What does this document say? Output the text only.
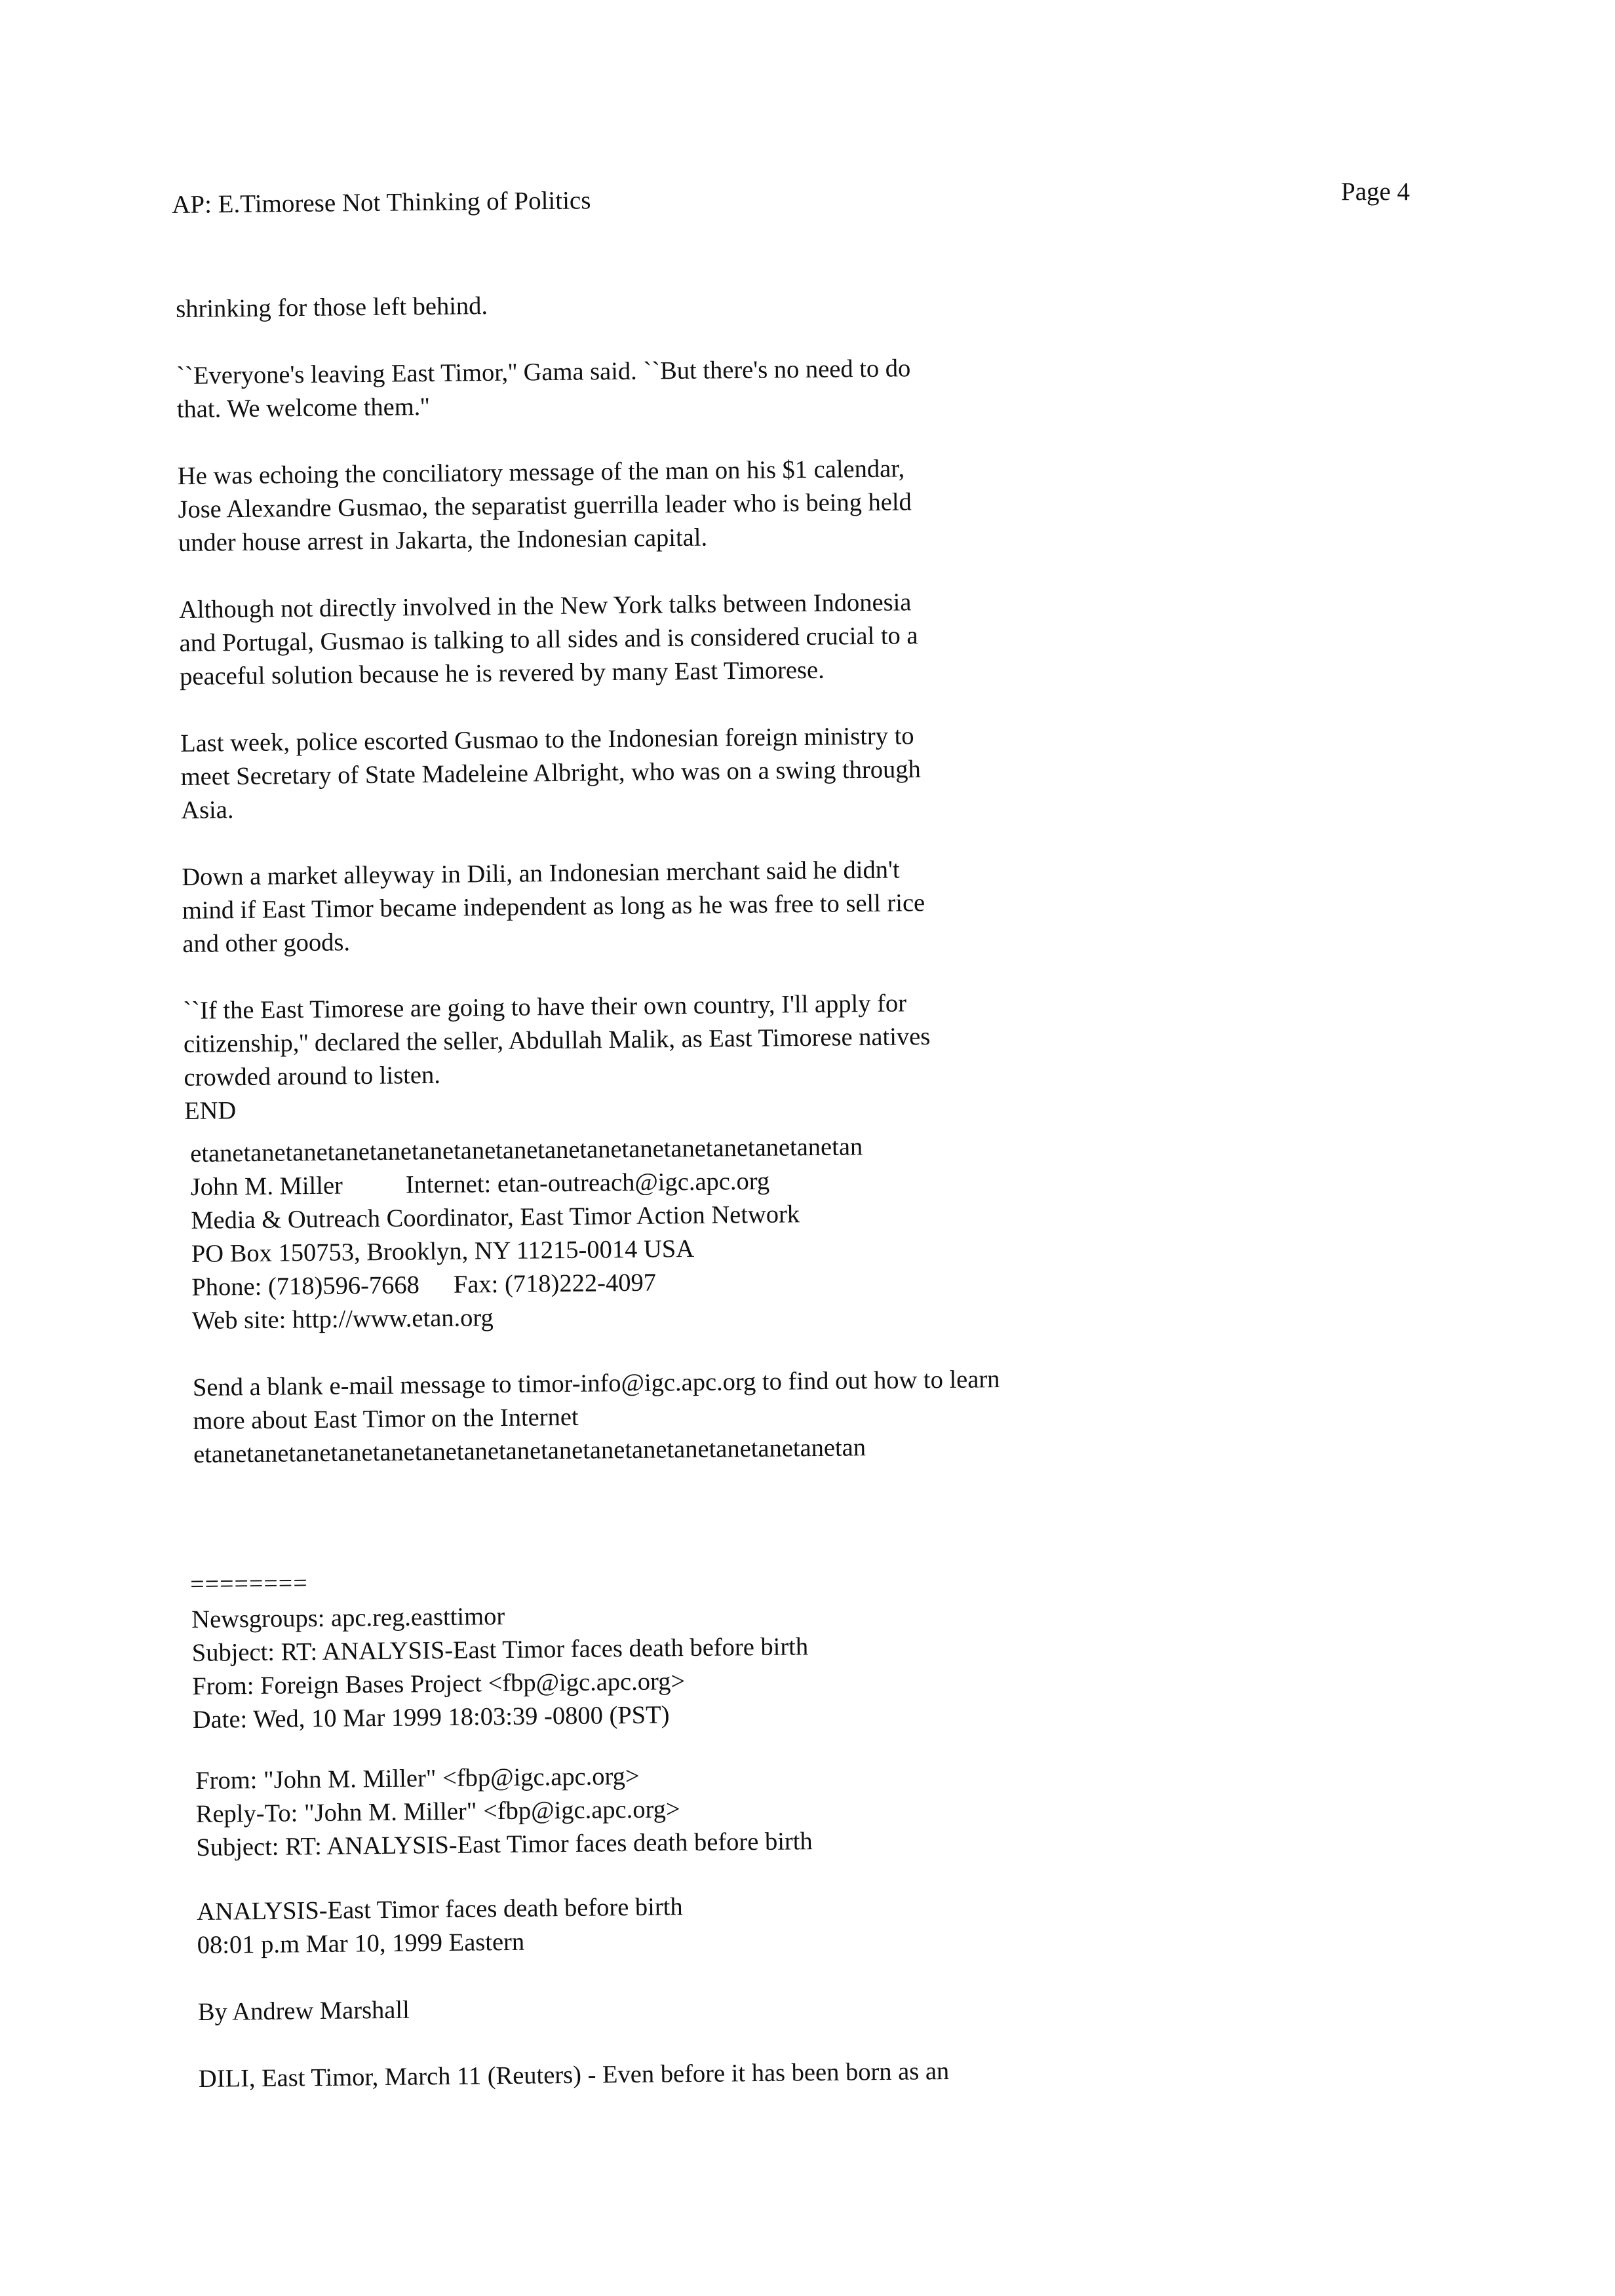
AP: E.Timorese Not Thinking of Politics	Page 4
shrinking for those left behind.
``Everyone's leaving East Timor,'' Gama said. ``But there's no need to do
that. We welcome them.''
He was echoing the conciliatory message of the man on his $1 calendar,
Jose Alexandre Gusmao, the separatist guerrilla leader who is being held
under house arrest in Jakarta, the Indonesian capital.
Although not directly involved in the New York talks between Indonesia
and Portugal, Gusmao is talking to all sides and is considered crucial to a
peaceful solution because he is revered by many East Timorese.
Last week, police escorted Gusmao to the Indonesian foreign ministry to
meet Secretary of State Madeleine Albright, who was on a swing through
Asia.
Down a market alleyway in Dili, an Indonesian merchant said he didn't
mind if East Timor became independent as long as he was free to sell rice
and other goods.
``If the East Timorese are going to have their own country, I'll apply for
citizenship,'' declared the seller, Abdullah Malik, as East Timorese natives
crowded around to listen.
END
etanetanetanetanetanetanetanetanetanetanetanetanetanetanetanetan
John M. Miller Internet: etan-outreach@igc.apc.org
Media & Outreach Coordinator, East Timor Action Network
PO Box 150753, Brooklyn, NY 11215-0014 USA
Phone: (718)596-7668 Fax: (718)222-4097
Web site: http://www.etan.org
Send a blank e-mail message to timor-info@igc.apc.org to find out how to learn
more about East Timor on the Internet
etanetanetanetanetanetanetanetanetanetanetanetanetanetanetanetan
========
Newsgroups: apc.reg.easttimor
Subject: RT: ANALYSIS-East Timor faces death before birth
From: Foreign Bases Project <fbp@igc.apc.org>
Date: Wed, 10 Mar 1999 18:03:39 -0800 (PST)
From: "John M. Miller" <fbp@igc.apc.org>
Reply-To: "John M. Miller" <fbp@igc.apc.org>
Subject: RT: ANALYSIS-East Timor faces death before birth
ANALYSIS-East Timor faces death before birth
08:01 p.m Mar 10, 1999 Eastern
By Andrew Marshall
DILI, East Timor, March 11 (Reuters) - Even before it has been born as an
